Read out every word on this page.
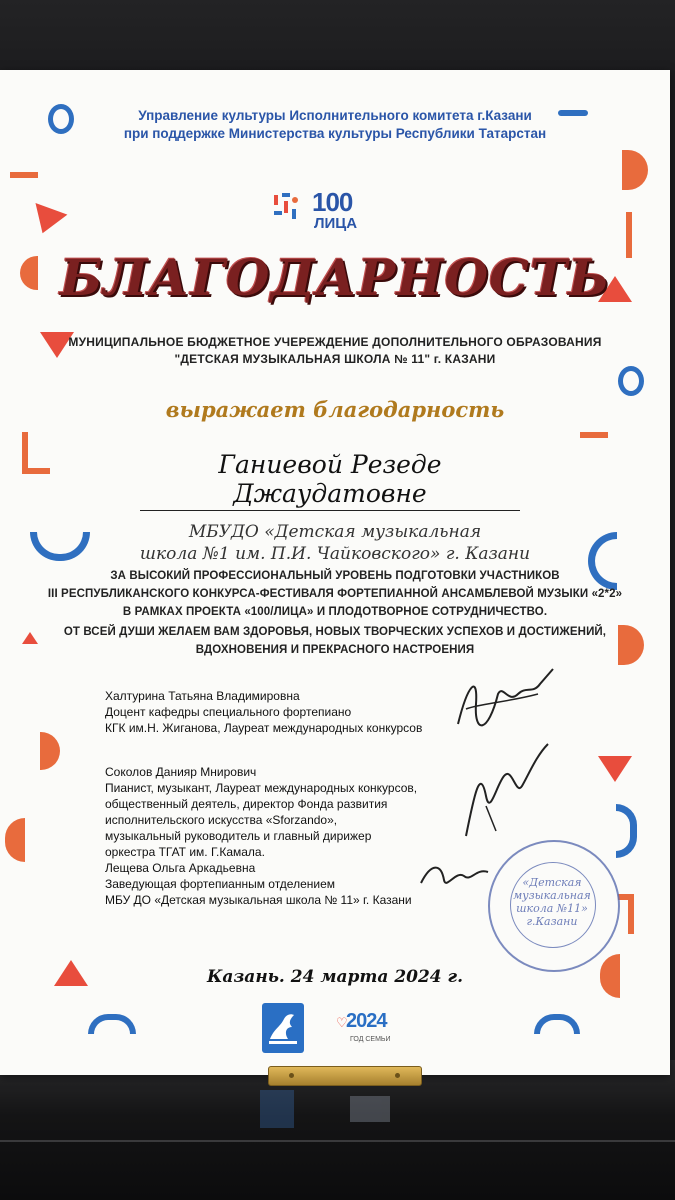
Управление культуры Исполнительного комитета г.Казани
при поддержке Министерства культуры Республики Татарстан
100
ЛИЦА
БЛАГОДАРНОСТЬ
МУНИЦИПАЛЬНОЕ БЮДЖЕТНОЕ УЧЕРЕЖДЕНИЕ ДОПОЛНИТЕЛЬНОГО ОБРАЗОВАНИЯ
"ДЕТСКАЯ МУЗЫКАЛЬНАЯ ШКОЛА № 11" г. КАЗАНИ
выражает благодарность
Ганиевой Резеде Джаудатовне
МБУДО «Детская музыкальная
школа №1 им. П.И. Чайковского» г. Казани
ЗА ВЫСОКИЙ ПРОФЕССИОНАЛЬНЫЙ УРОВЕНЬ ПОДГОТОВКИ УЧАСТНИКОВ
III РЕСПУБЛИКАНСКОГО КОНКУРСА-ФЕСТИВАЛЯ ФОРТЕПИАННОЙ АНСАМБЛЕВОЙ МУЗЫКИ «2*2»
В РАМКАХ ПРОЕКТА «100/ЛИЦА» И ПЛОДОТВОРНОЕ СОТРУДНИЧЕСТВО.
ОТ ВСЕЙ ДУШИ ЖЕЛАЕМ ВАМ ЗДОРОВЬЯ, НОВЫХ ТВОРЧЕСКИХ УСПЕХОВ И ДОСТИЖЕНИЙ,
ВДОХНОВЕНИЯ И ПРЕКРАСНОГО НАСТРОЕНИЯ
Халтурина Татьяна Владимировна
Доцент кафедры специального фортепиано
КГК им.Н. Жиганова, Лауреат международных конкурсов
Соколов Данияр Мнирович
Пианист, музыкант, Лауреат международных конкурсов,
общественный деятель, директор Фонда развития
исполнительского искусства «Sforzando»,
музыкальный руководитель и главный дирижер
оркестра ТГАТ им. Г.Камала.
Лещева Ольга Аркадьевна
Заведующая фортепианным отделением
МБУ ДО «Детская музыкальная школа № 11» г. Казани
«Детская
музыкальная
школа №11»
г.Казани
Казань. 24 марта 2024 г.
♡
2024
ГОД СЕМЬИ
